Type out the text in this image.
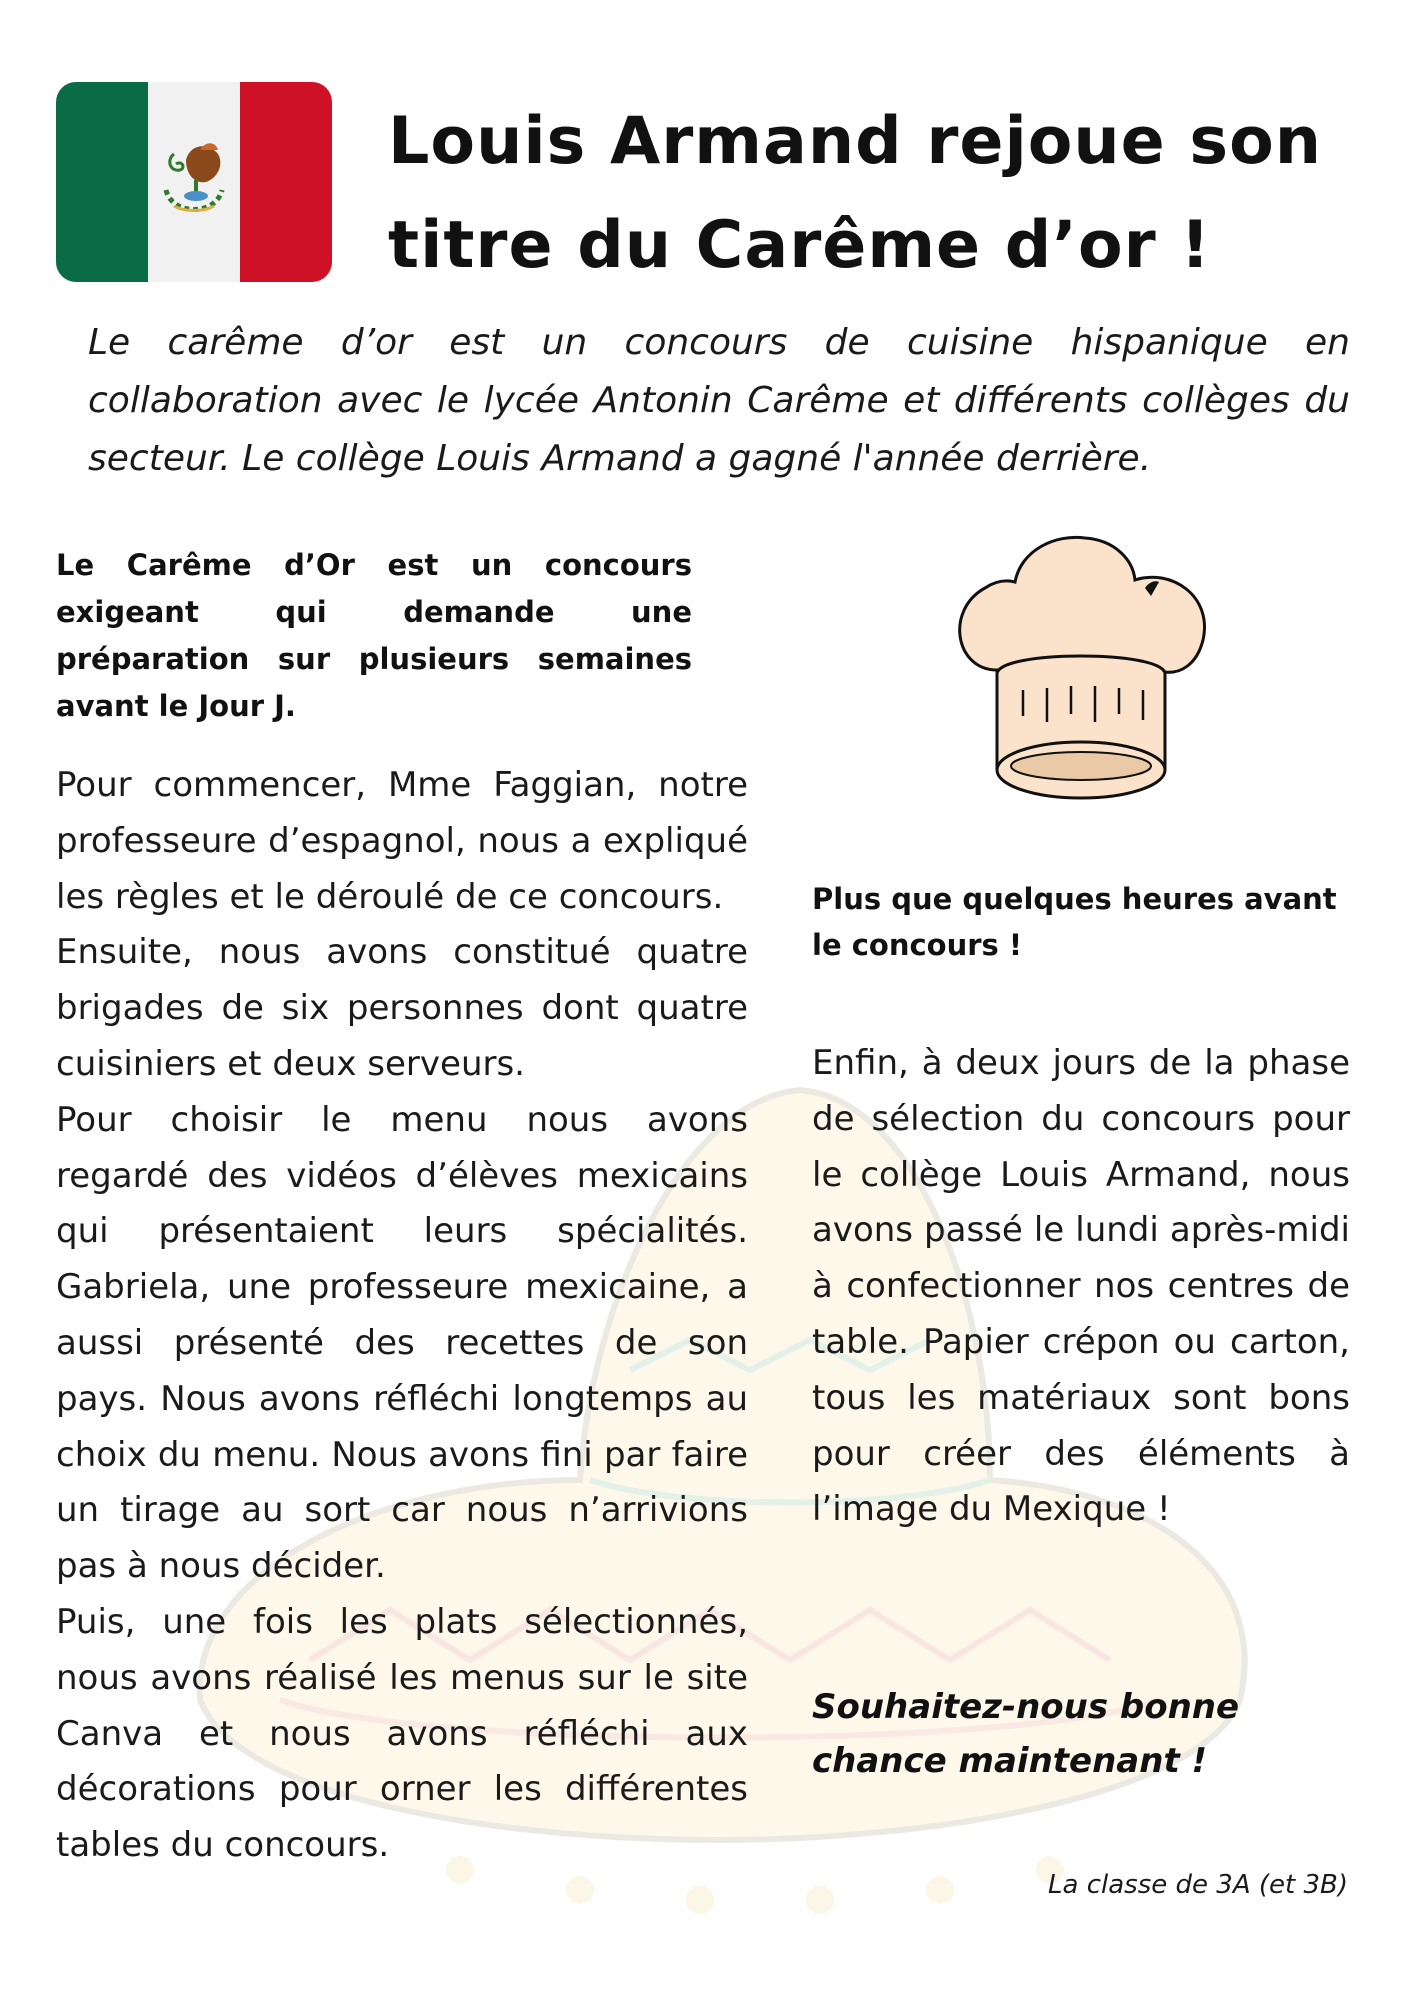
Louis Armand rejoue son titre du Carême d’or !

Le carême d’or est un concours de cuisine hispanique en collaboration avec le lycée Antonin Carême et différents collèges du secteur. Le collège Louis Armand a gagné l'année derrière.

Le Carême d’Or est un concours exigeant qui demande une préparation sur plusieurs semaines avant le Jour J.

Pour commencer, Mme Faggian, notre professeure d’espagnol, nous a expliqué les règles et le déroulé de ce concours.

Ensuite, nous avons constitué quatre brigades de six personnes dont quatre cuisiniers et deux serveurs.

Pour choisir le menu nous avons regardé des vidéos d’élèves mexicains qui présentaient leurs spécialités. Gabriela, une professeure mexicaine, a aussi présenté des recettes de son pays. Nous avons réfléchi longtemps au choix du menu. Nous avons fini par faire un tirage au sort car nous n’arrivions pas à nous décider.

Puis, une fois les plats sélectionnés, nous avons réalisé les menus sur le site Canva et nous avons réfléchi aux décorations pour orner les différentes tables du concours.

Plus que quelques heures avant le concours !

Enfin, à deux jours de la phase de sélection du concours pour le collège Louis Armand, nous avons passé le lundi après-midi à confectionner nos centres de table. Papier crépon ou carton, tous les matériaux sont bons pour créer des éléments à l’image du Mexique !

Souhaitez-nous bonne chance maintenant !

La classe de 3A (et 3B)
